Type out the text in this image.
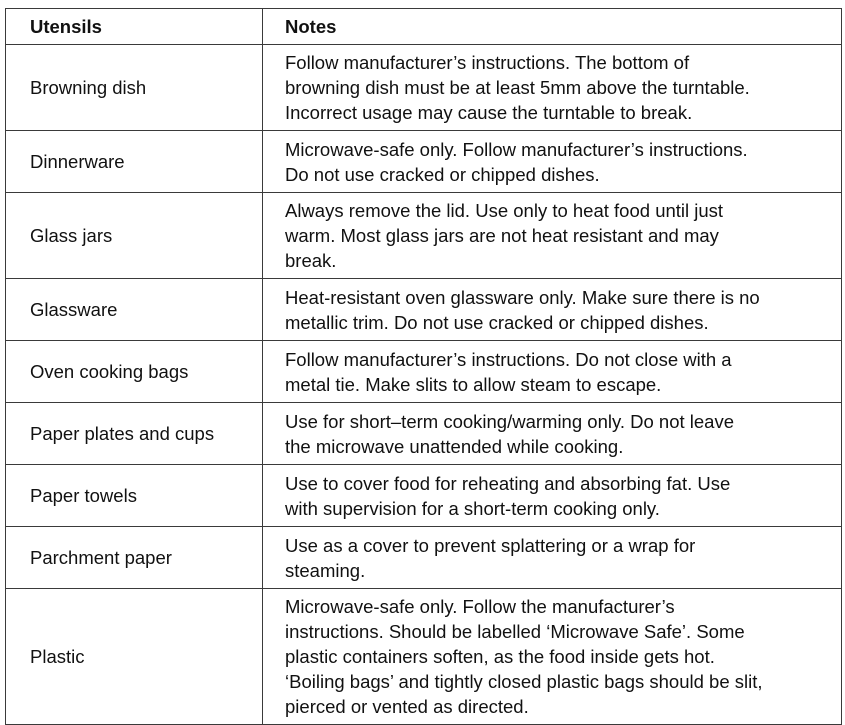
Utensils	Notes
Browning dish	Follow manufacturer’s instructions. The bottom of
browning dish must be at least 5mm above the turntable.
Incorrect usage may cause the turntable to break.

Dinnerware	Microwave-safe only. Follow manufacturer’s instructions.
Do not use cracked or chipped dishes.

Glass jars	Always remove the lid. Use only to heat food until just
warm. Most glass jars are not heat resistant and may
break.

Glassware	Heat-resistant oven glassware only. Make sure there is no
metallic trim. Do not use cracked or chipped dishes.

Oven cooking bags	Follow manufacturer’s instructions. Do not close with a
metal tie. Make slits to allow steam to escape.

Paper plates and cups	Use for short–term cooking/warming only. Do not leave
the microwave unattended while cooking.

Paper towels	Use to cover food for reheating and absorbing fat. Use
with supervision for a short-term cooking only.

Parchment paper	Use as a cover to prevent splattering or a wrap for
steaming.

Plastic	Microwave-safe only. Follow the manufacturer’s
instructions. Should be labelled ‘Microwave Safe’. Some
plastic containers soften, as the food inside gets hot.
‘Boiling bags’ and tightly closed plastic bags should be slit,
pierced or vented as directed.
